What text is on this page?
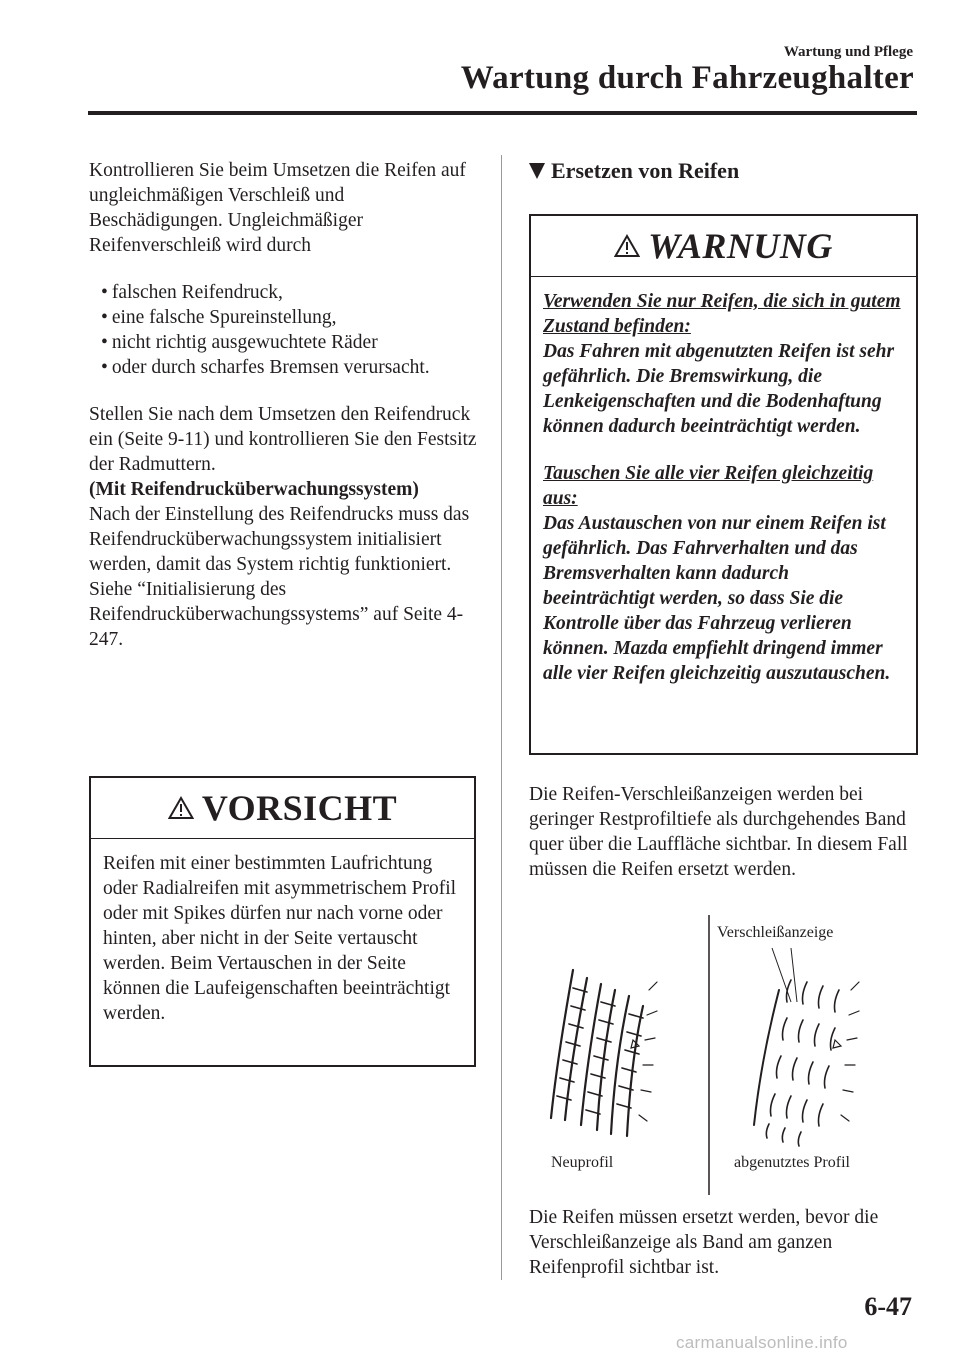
Wartung und Pflege
Wartung durch Fahrzeughalter

Kontrollieren Sie beim Umsetzen die Reifen auf ungleichmäßigen Verschleiß und Beschädigungen. Ungleichmäßiger Reifenverschleiß wird durch

• falschen Reifendruck,
• eine falsche Spureinstellung,
• nicht richtig ausgewuchtete Räder
• oder durch scharfes Bremsen verursacht.

Stellen Sie nach dem Umsetzen den Reifendruck ein (Seite 9-11) und kontrollieren Sie den Festsitz der Radmuttern.

(Mit Reifendrucküberwachungssystem)

Nach der Einstellung des Reifendrucks muss das Reifendrucküberwachungssystem initialisiert werden, damit das System richtig funktioniert.

Siehe “Initialisierung des Reifendrucküberwachungssystems” auf Seite 4-247.

VORSICHT
Reifen mit einer bestimmten Laufrichtung oder Radialreifen mit asymmetrischem Profil oder mit Spikes dürfen nur nach vorne oder hinten, aber nicht in der Seite vertauscht werden. Beim Vertauschen in der Seite können die Laufeigenschaften beeinträchtigt werden.
Ersetzen von Reifen
WARNUNG
Verwenden Sie nur Reifen, die sich in gutem Zustand befinden:
Das Fahren mit abgenutzten Reifen ist sehr gefährlich. Die Bremswirkung, die Lenkeigenschaften und die Bodenhaftung können dadurch beeinträchtigt werden.
Tauschen Sie alle vier Reifen gleichzeitig aus:
Das Austauschen von nur einem Reifen ist gefährlich. Das Fahrverhalten und das Bremsverhalten kann dadurch beeinträchtigt werden, so dass Sie die Kontrolle über das Fahrzeug verlieren können. Mazda empfiehlt dringend immer alle vier Reifen gleichzeitig auszutauschen.

Die Reifen-Verschleißanzeigen werden bei geringer Restprofiltiefe als durchgehendes Band quer über die Lauffläche sichtbar. In diesem Fall müssen die Reifen ersetzt werden.

Verschleißanzeige
Neuprofil	abgenutztes Profil

Die Reifen müssen ersetzt werden, bevor die Verschleißanzeige als Band am ganzen Reifenprofil sichtbar ist.

6-47
carmanualsonline.info
